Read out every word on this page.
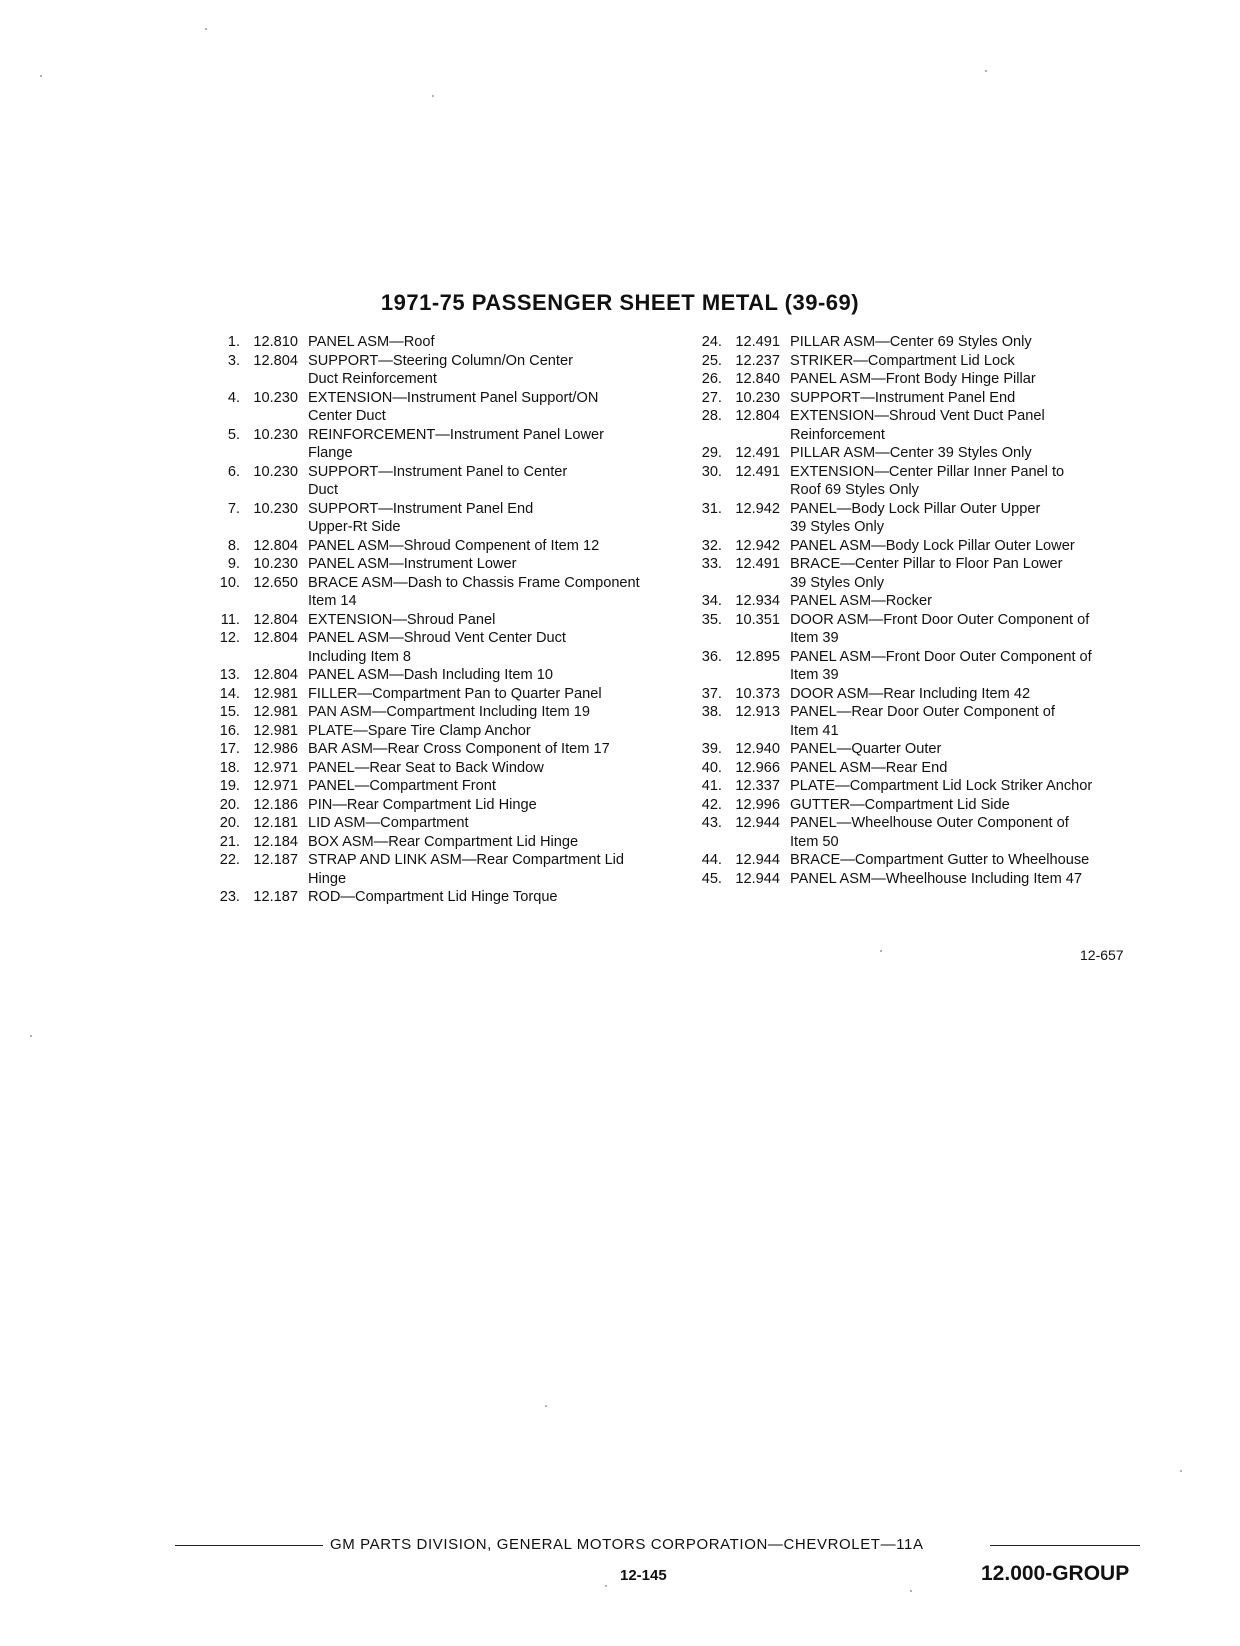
1971-75 PASSENGER SHEET METAL (39-69)
1. 12.810 PANEL ASM—Roof
3. 12.804 SUPPORT—Steering Column/On Center
Duct Reinforcement
4. 10.230 EXTENSION—Instrument Panel Support/ON
Center Duct
5. 10.230 REINFORCEMENT—Instrument Panel Lower
Flange
6. 10.230 SUPPORT—Instrument Panel to Center
Duct
7. 10.230 SUPPORT—Instrument Panel End
Upper-Rt Side
8. 12.804 PANEL ASM—Shroud Compenent of Item 12
9. 10.230 PANEL ASM—Instrument Lower
10. 12.650 BRACE ASM—Dash to Chassis Frame Component
Item 14
11. 12.804 EXTENSION—Shroud Panel
12. 12.804 PANEL ASM—Shroud Vent Center Duct
Including Item 8
13. 12.804 PANEL ASM—Dash Including Item 10
14. 12.981 FILLER—Compartment Pan to Quarter Panel
15. 12.981 PAN ASM—Compartment Including Item 19
16. 12.981 PLATE—Spare Tire Clamp Anchor
17. 12.986 BAR ASM—Rear Cross Component of Item 17
18. 12.971 PANEL—Rear Seat to Back Window
19. 12.971 PANEL—Compartment Front
20. 12.186 PIN—Rear Compartment Lid Hinge
20. 12.181 LID ASM—Compartment
21. 12.184 BOX ASM—Rear Compartment Lid Hinge
22. 12.187 STRAP AND LINK ASM—Rear Compartment Lid
Hinge
23. 12.187 ROD—Compartment Lid Hinge Torque
24. 12.491 PILLAR ASM—Center 69 Styles Only
25. 12.237 STRIKER—Compartment Lid Lock
26. 12.840 PANEL ASM—Front Body Hinge Pillar
27. 10.230 SUPPORT—Instrument Panel End
28. 12.804 EXTENSION—Shroud Vent Duct Panel
Reinforcement
29. 12.491 PILLAR ASM—Center 39 Styles Only
30. 12.491 EXTENSION—Center Pillar Inner Panel to
Roof 69 Styles Only
31. 12.942 PANEL—Body Lock Pillar Outer Upper
39 Styles Only
32. 12.942 PANEL ASM—Body Lock Pillar Outer Lower
33. 12.491 BRACE—Center Pillar to Floor Pan Lower
39 Styles Only
34. 12.934 PANEL ASM—Rocker
35. 10.351 DOOR ASM—Front Door Outer Component of
Item 39
36. 12.895 PANEL ASM—Front Door Outer Component of
Item 39
37. 10.373 DOOR ASM—Rear Including Item 42
38. 12.913 PANEL—Rear Door Outer Component of
Item 41
39. 12.940 PANEL—Quarter Outer
40. 12.966 PANEL ASM—Rear End
41. 12.337 PLATE—Compartment Lid Lock Striker Anchor
42. 12.996 GUTTER—Compartment Lid Side
43. 12.944 PANEL—Wheelhouse Outer Component of
Item 50
44. 12.944 BRACE—Compartment Gutter to Wheelhouse
45. 12.944 PANEL ASM—Wheelhouse Including Item 47
12-657
GM PARTS DIVISION, GENERAL MOTORS CORPORATION—CHEVROLET—11A
12-145	12.000-GROUP
